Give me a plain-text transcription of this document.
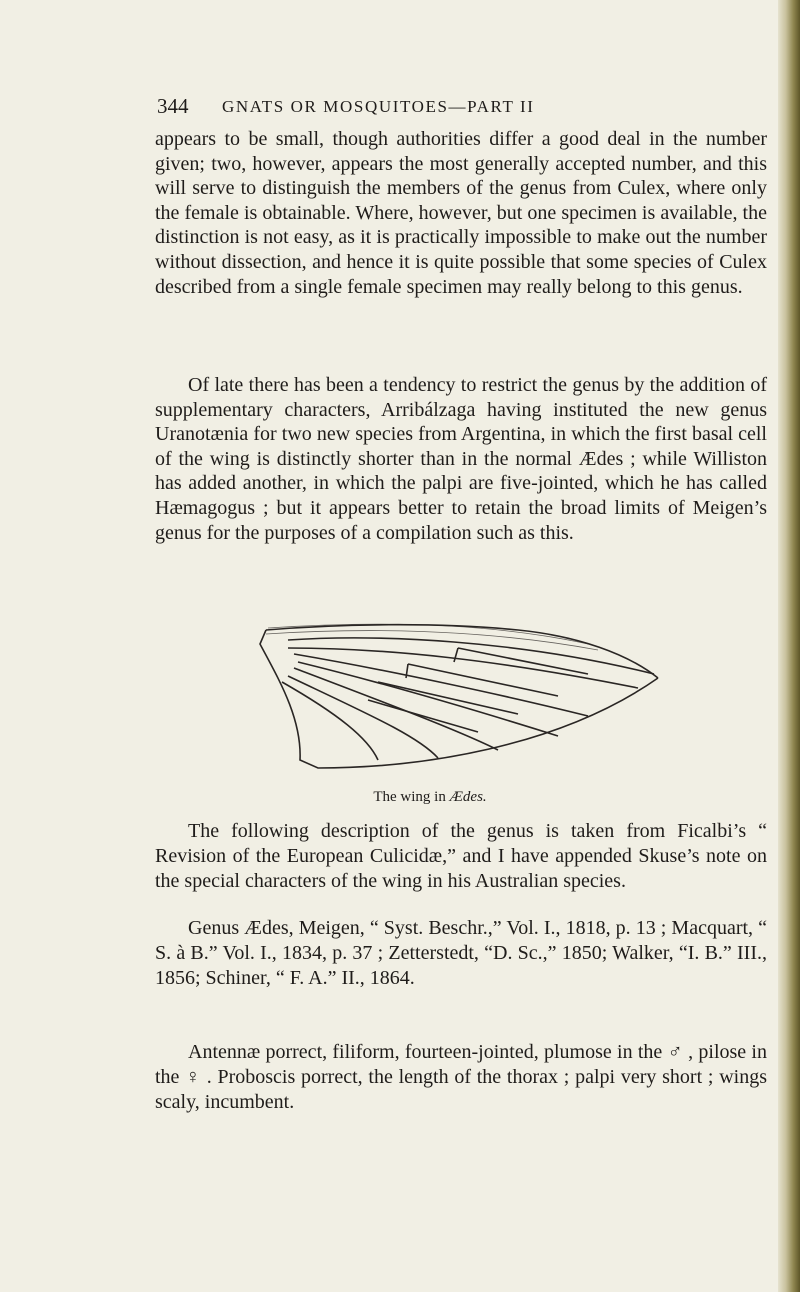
344 GNATS OR MOSQUITOES—PART II
appears to be small, though authorities differ a good deal in the number given; two, however, appears the most generally accepted number, and this will serve to distinguish the members of the genus from Culex, where only the female is obtainable. Where, however, but one specimen is available, the distinction is not easy, as it is practically impossible to make out the number without dissection, and hence it is quite possible that some species of Culex described from a single female specimen may really belong to this genus.
Of late there has been a tendency to restrict the genus by the addition of supplementary characters, Arribálzaga having instituted the new genus Uranotænia for two new species from Argentina, in which the first basal cell of the wing is distinctly shorter than in the normal Ædes ; while Williston has added another, in which the palpi are five-jointed, which he has called Hæmagogus ; but it appears better to retain the broad limits of Meigen’s genus for the purposes of a compilation such as this.
The wing in Ædes.
The following description of the genus is taken from Ficalbi’s “ Revision of the European Culicidæ,” and I have appended Skuse’s note on the special characters of the wing in his Australian species.
Genus Ædes, Meigen, “ Syst. Beschr.,” Vol. I., 1818, p. 13 ; Macquart, “ S. à B.” Vol. I., 1834, p. 37 ; Zetterstedt, “D. Sc.,” 1850; Walker, “I. B.” III., 1856; Schiner, “ F. A.” II., 1864.
Antennæ porrect, filiform, fourteen-jointed, plumose in the ♂ , pilose in the ♀ . Proboscis porrect, the length of the thorax ; palpi very short ; wings scaly, incumbent.
